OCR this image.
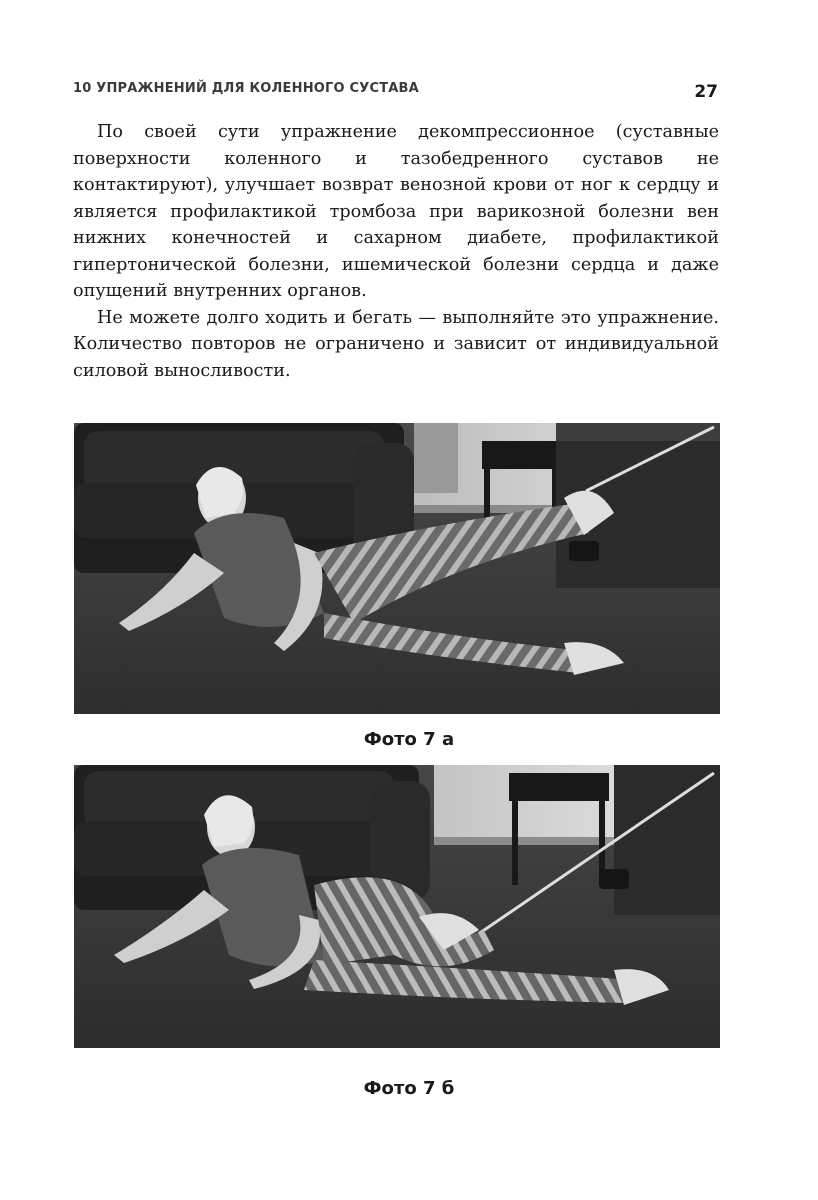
10 УПРАЖНЕНИЙ ДЛЯ КОЛЕННОГО СУСТАВА	27

По своей сути упражнение декомпрессионное (суставные поверхности коленного и тазобедренного суставов не контактируют), улучшает возврат венозной крови от ног к сердцу и является профилактикой тромбоза при варикозной болезни вен нижних конечностей и сахарном диабете, профилактикой гипертонической болезни, ишемической болезни сердца и даже опущений внутренних органов.

Не можете долго ходить и бегать — выполняйте это упражнение. Количество повторов не ограничено и зависит от индивидуальной силовой выносливости.

Фото 7 а
Фото 7 б
